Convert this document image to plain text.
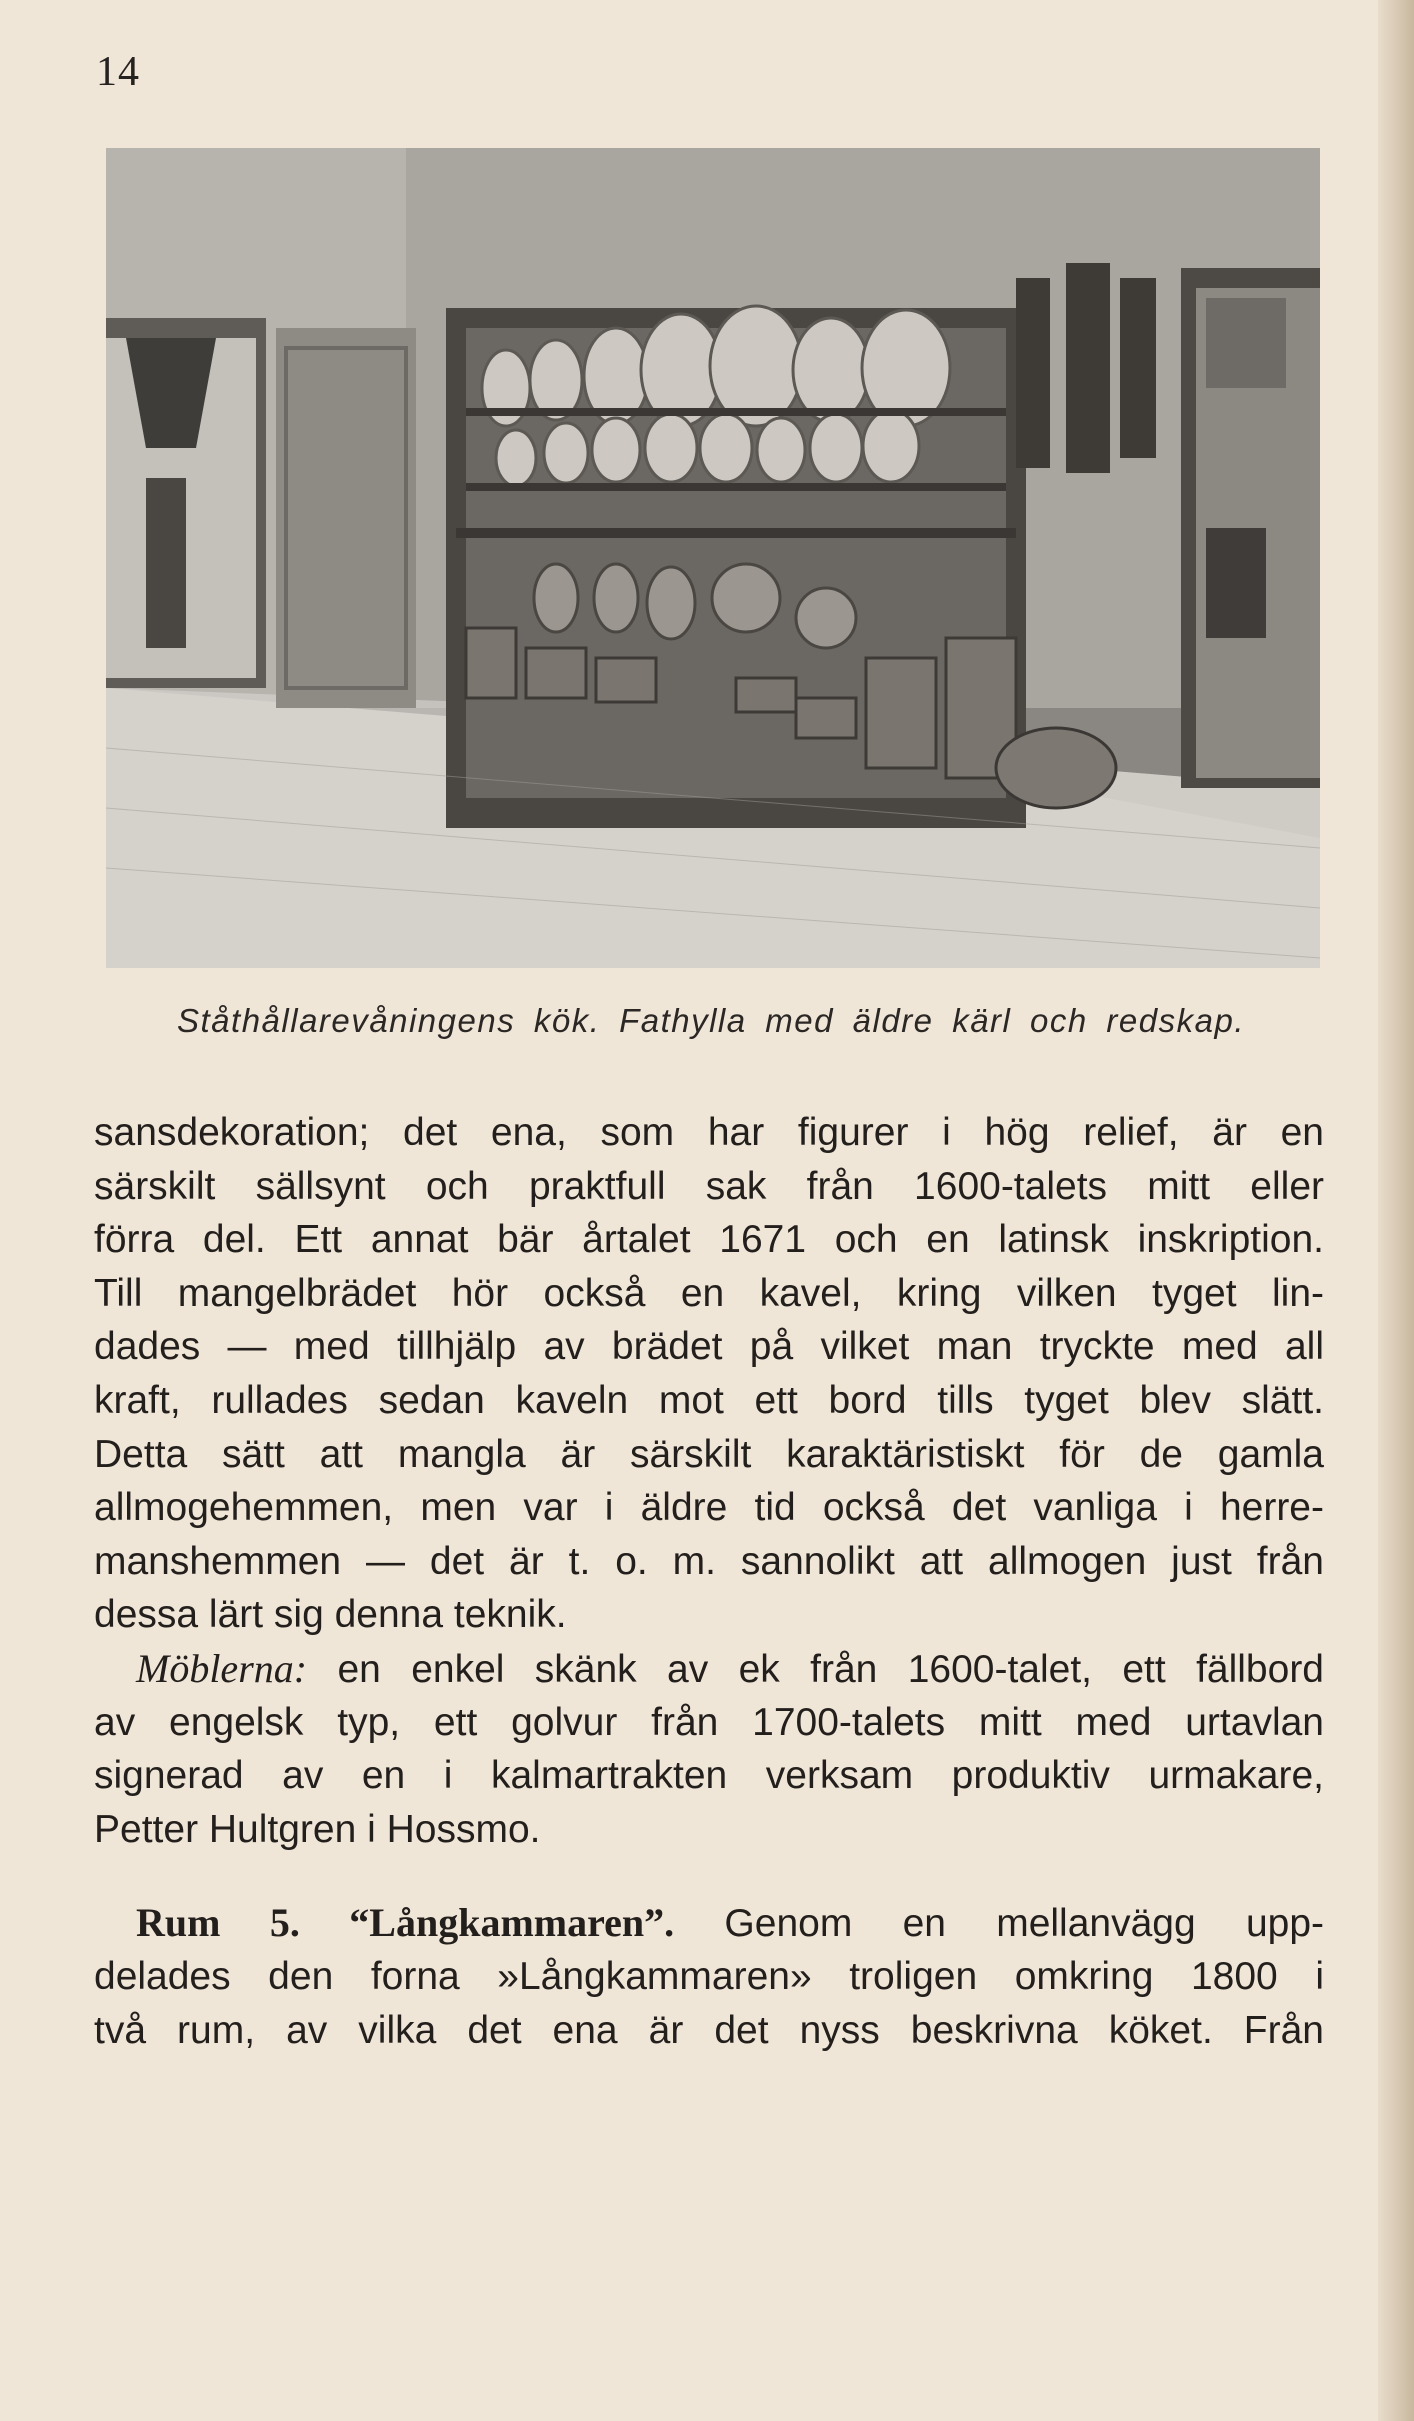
14
Ståthållarevåningens kök. Fathylla med äldre kärl och redskap.
sansdekoration; det ena, som har figurer i hög relief, är en
särskilt sällsynt och praktfull sak från 1600-talets mitt eller
förra del. Ett annat bär årtalet 1671 och en latinsk inskription.
Till mangelbrädet hör också en kavel, kring vilken tyget lin-
dades — med tillhjälp av brädet på vilket man tryckte med all
kraft, rullades sedan kaveln mot ett bord tills tyget blev slätt.
Detta sätt att mangla är särskilt karaktäristiskt för de gamla
allmogehemmen, men var i äldre tid också det vanliga i herre-
manshemmen — det är t. o. m. sannolikt att allmogen just från
dessa lärt sig denna teknik.
Möblerna: en enkel skänk av ek från 1600-talet, ett fällbord
av engelsk typ, ett golvur från 1700-talets mitt med urtavlan
signerad av en i kalmartrakten verksam produktiv urmakare,
Petter Hultgren i Hossmo.
Rum 5. “Långkammaren”. Genom en mellanvägg upp-
delades den forna »Långkammaren» troligen omkring 1800 i
två rum, av vilka det ena är det nyss beskrivna köket. Från
